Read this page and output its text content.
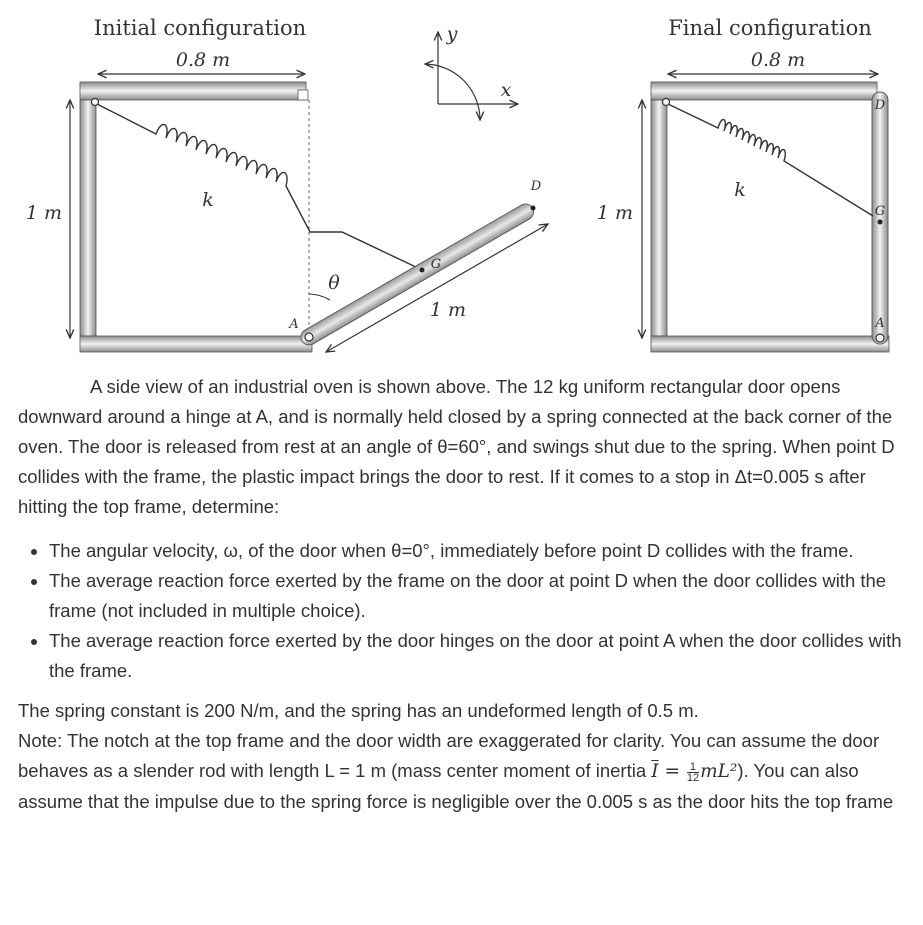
Initial configuration
0.8 m
1 m
k
A
G
D
1 m
θ
y
x
Final configuration
0.8 m
1 m
A
G
D
k

A side view of an industrial oven is shown above. The 12 kg uniform rectangular door opens downward around a hinge at A, and is normally held closed by a spring connected at the back corner of the oven. The door is released from rest at an angle of θ=60°, and swings shut due to the spring. When point D collides with the frame, the plastic impact brings the door to rest. If it comes to a stop in Δt=0.005 s after hitting the top frame, determine:

• The angular velocity, ω, of the door when θ=0°, immediately before point D collides with the frame.
• The average reaction force exerted by the frame on the door at point D when the door collides with the frame (not included in multiple choice).
• The average reaction force exerted by the door hinges on the door at point A when the door collides with the frame.

The spring constant is 200 N/m, and the spring has an undeformed length of 0.5 m.

Note: The notch at the top frame and the door width are exaggerated for clarity. You can assume the door behaves as a slender rod with length L = 1 m (mass center moment of inertia $\overline{I} = \frac{1}{12} mL^2$). You can also assume that the impulse due to the spring force is negligible over the 0.005 s as the door hits the top frame
